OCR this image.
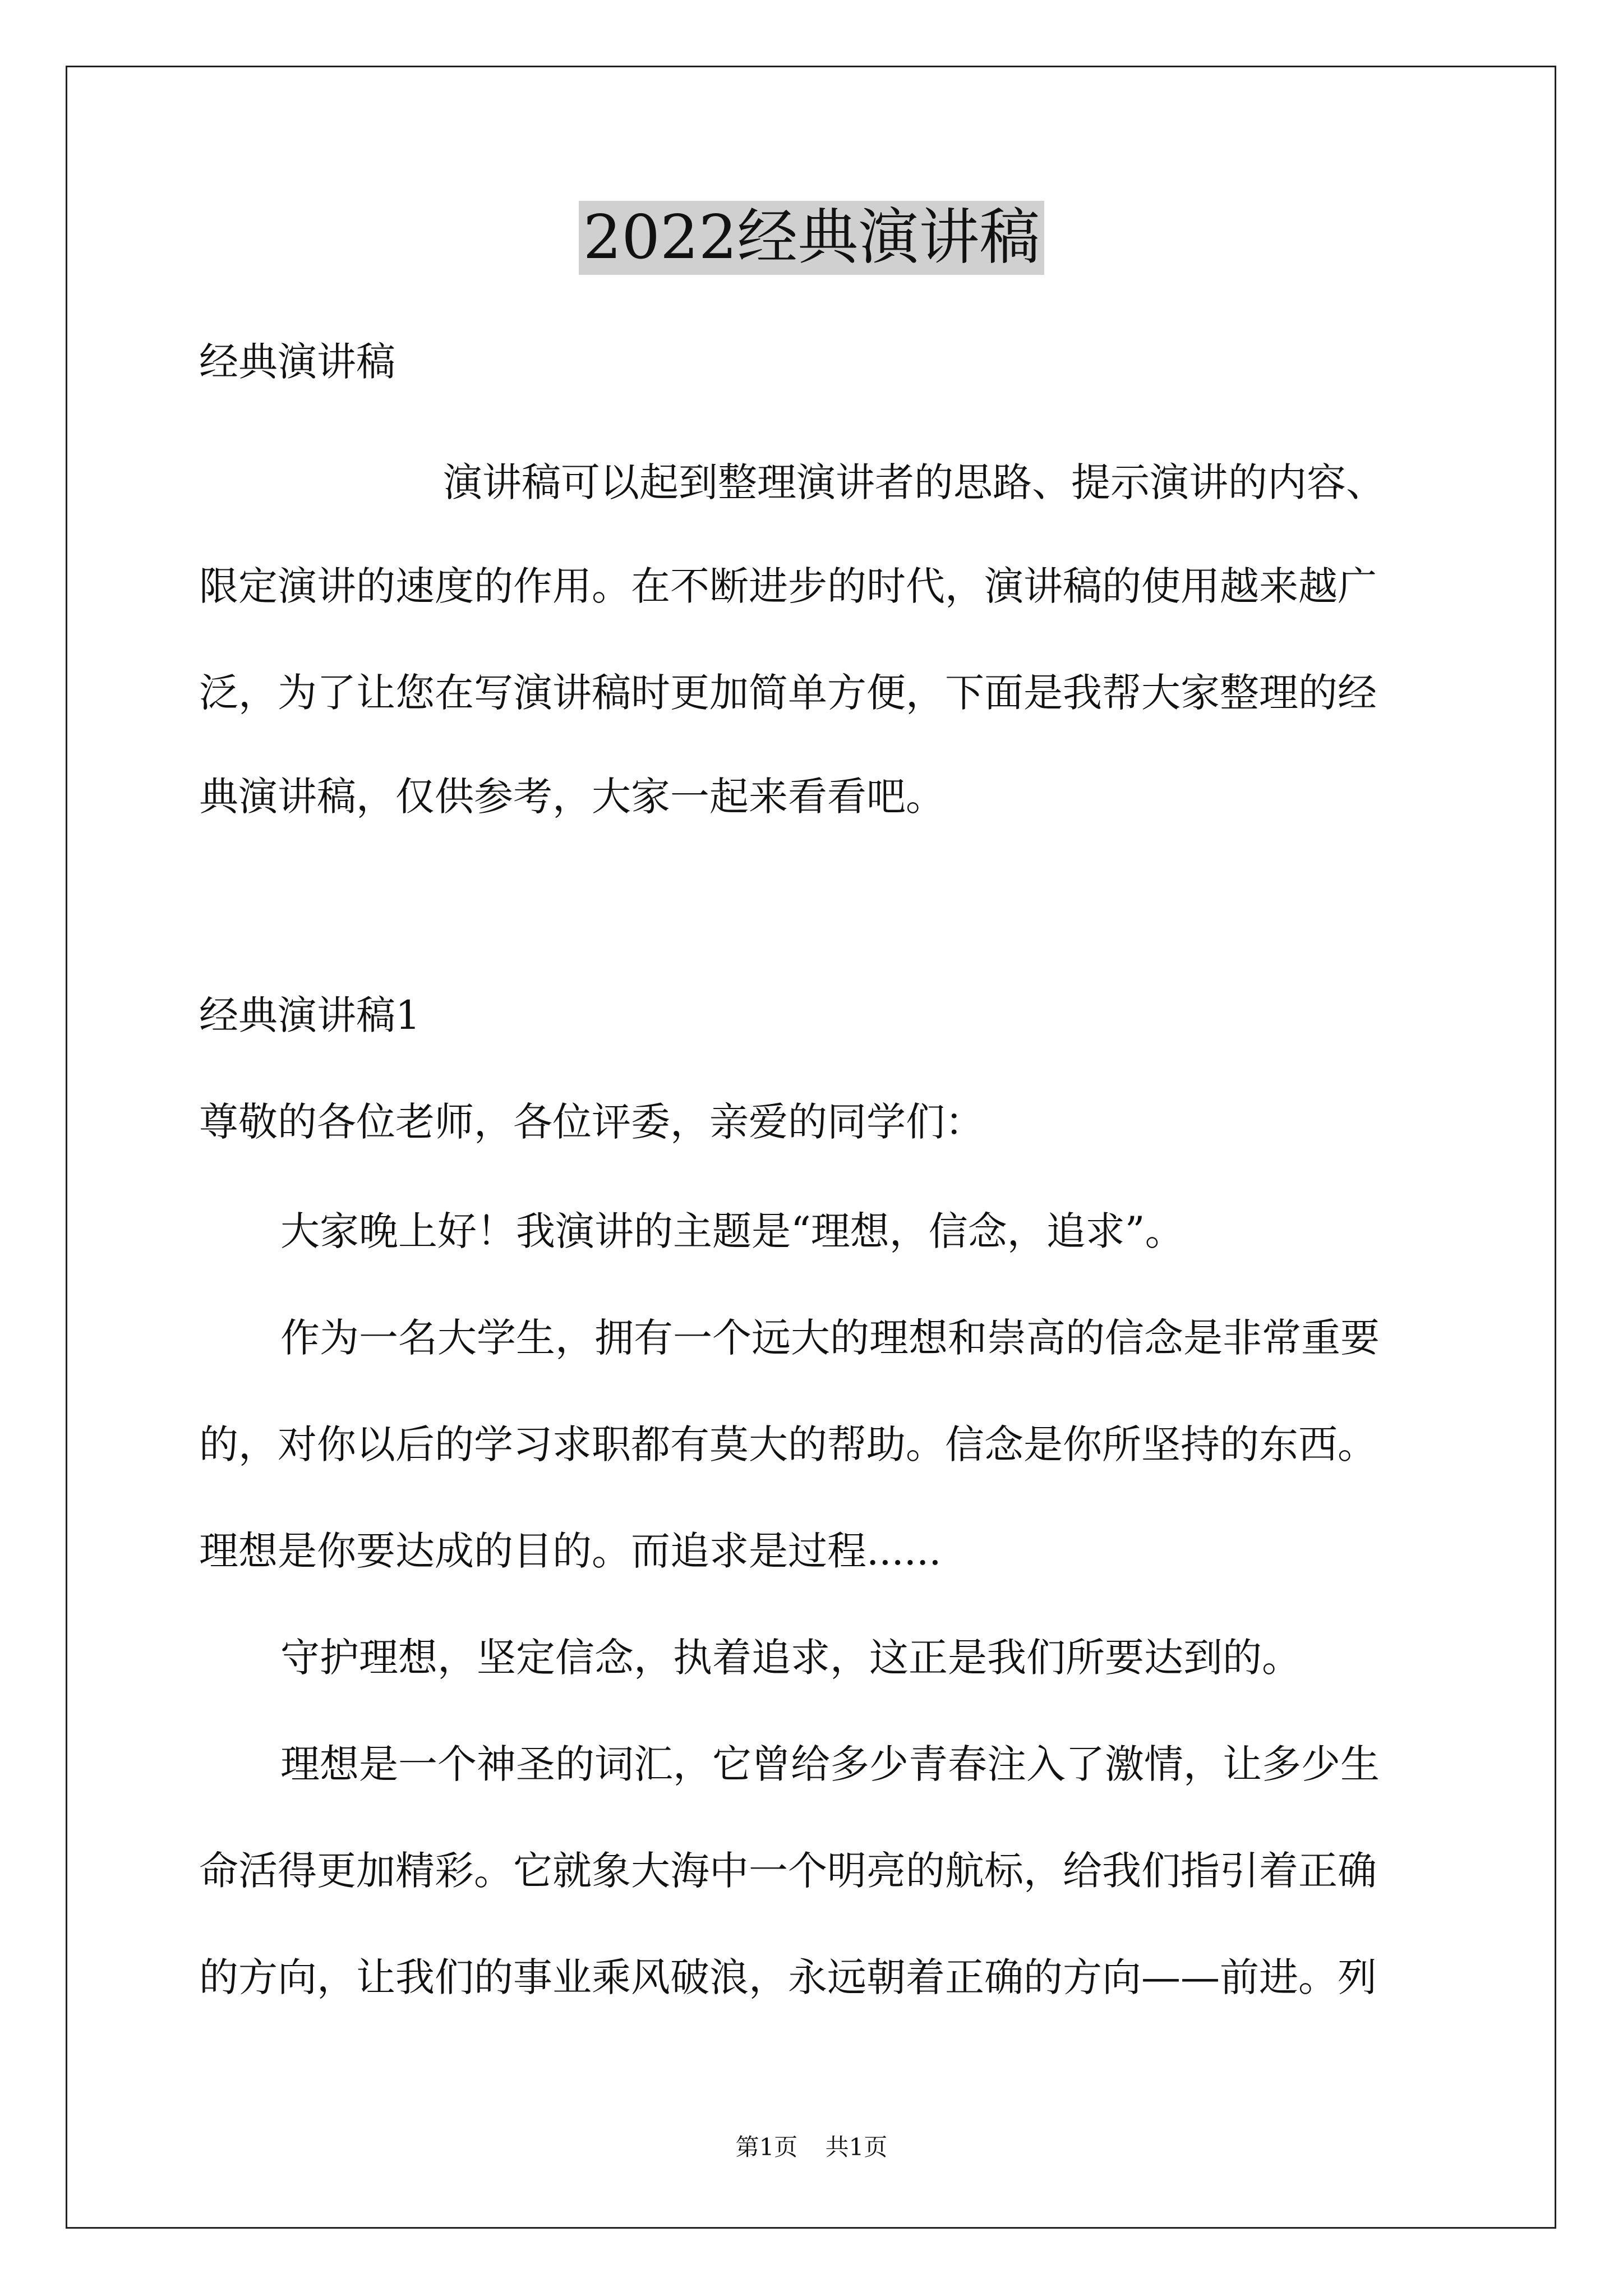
2022经典演讲稿
经典演讲稿
演讲稿可以起到整理演讲者的思路、提示演讲的内容、
限定演讲的速度的作用。在不断进步的时代，演讲稿的使用越来越广
泛，为了让您在写演讲稿时更加简单方便，下面是我帮大家整理的经
典演讲稿，仅供参考，大家一起来看看吧。
经典演讲稿1
尊敬的各位老师，各位评委，亲爱的同学们：
大家晚上好！我演讲的主题是“理想，信念，追求”。
作为一名大学生，拥有一个远大的理想和崇高的信念是非常重要
的，对你以后的学习求职都有莫大的帮助。信念是你所坚持的东西。
理想是你要达成的目的。而追求是过程......
守护理想，坚定信念，执着追求，这正是我们所要达到的。
理想是一个神圣的词汇，它曾给多少青春注入了激情，让多少生
命活得更加精彩。它就象大海中一个明亮的航标，给我们指引着正确
的方向，让我们的事业乘风破浪，永远朝着正确的方向——前进。列
第1页 共1页
